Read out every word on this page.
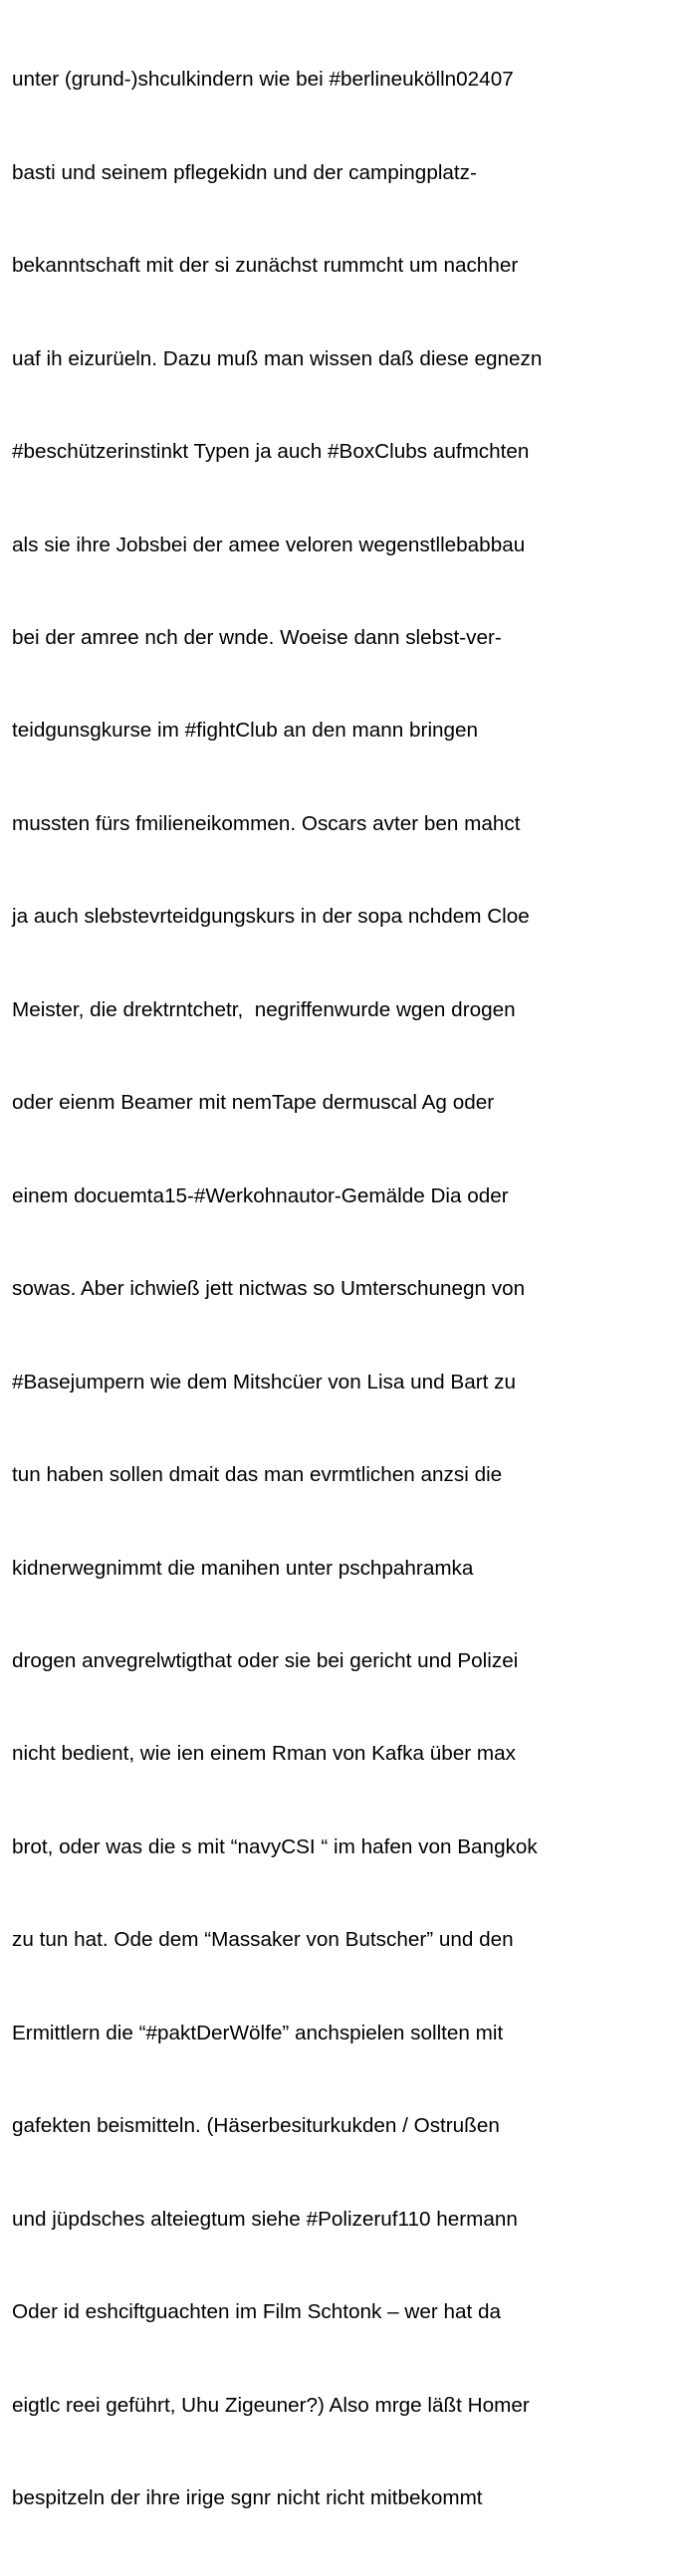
unter (grund-)shculkindern wie bei #berlineukölln02407

basti und seinem pflegekidn und der campingplatz-

bekanntschaft mit der si zunächst rummcht um nachher

uaf ih eizurüeln. Dazu muß man wissen daß diese egnezn

#beschützerinstinkt Typen ja auch #BoxClubs aufmchten

als sie ihre Jobsbei der amee veloren wegenstllebabbau

bei der amree nch der wnde. Woeise dann slebst-ver-

teidgunsgkurse im #fightClub an den mann bringen

mussten fürs fmilieneikommen. Oscars avter ben mahct

ja auch slebstevrteidgungskurs in der sopa nchdem Cloe

Meister, die drektrntchetr,  negriffenwurde wgen drogen

oder eienm Beamer mit nemTape dermuscal Ag oder

einem docuemta15-#Werkohnautor-Gemälde Dia oder

sowas. Aber ichwieß jett nictwas so Umterschunegn von

#Basejumpern wie dem Mitshcüer von Lisa und Bart zu

tun haben sollen dmait das man evrmtlichen anzsi die

kidnerwegnimmt die manihen unter pschpahramka

drogen anvegrelwtigthat oder sie bei gericht und Polizei

nicht bedient, wie ien einem Rman von Kafka über max

brot, oder was die s mit “navyCSI “ im hafen von Bangkok

zu tun hat. Ode dem “Massaker von Butscher” und den

Ermittlern die “#paktDerWölfe” anchspielen sollten mit

gafekten beismitteln. (Häserbesiturkukden / Ostrußen

und jüpdsches alteiegtum siehe #Polizeruf110 hermann

Oder id eshciftguachten im Film Schtonk – wer hat da

eigtlc reei geführt, Uhu Zigeuner?) Also mrge läßt Homer

bespitzeln der ihre irige sgnr nicht richt mitbekommt
